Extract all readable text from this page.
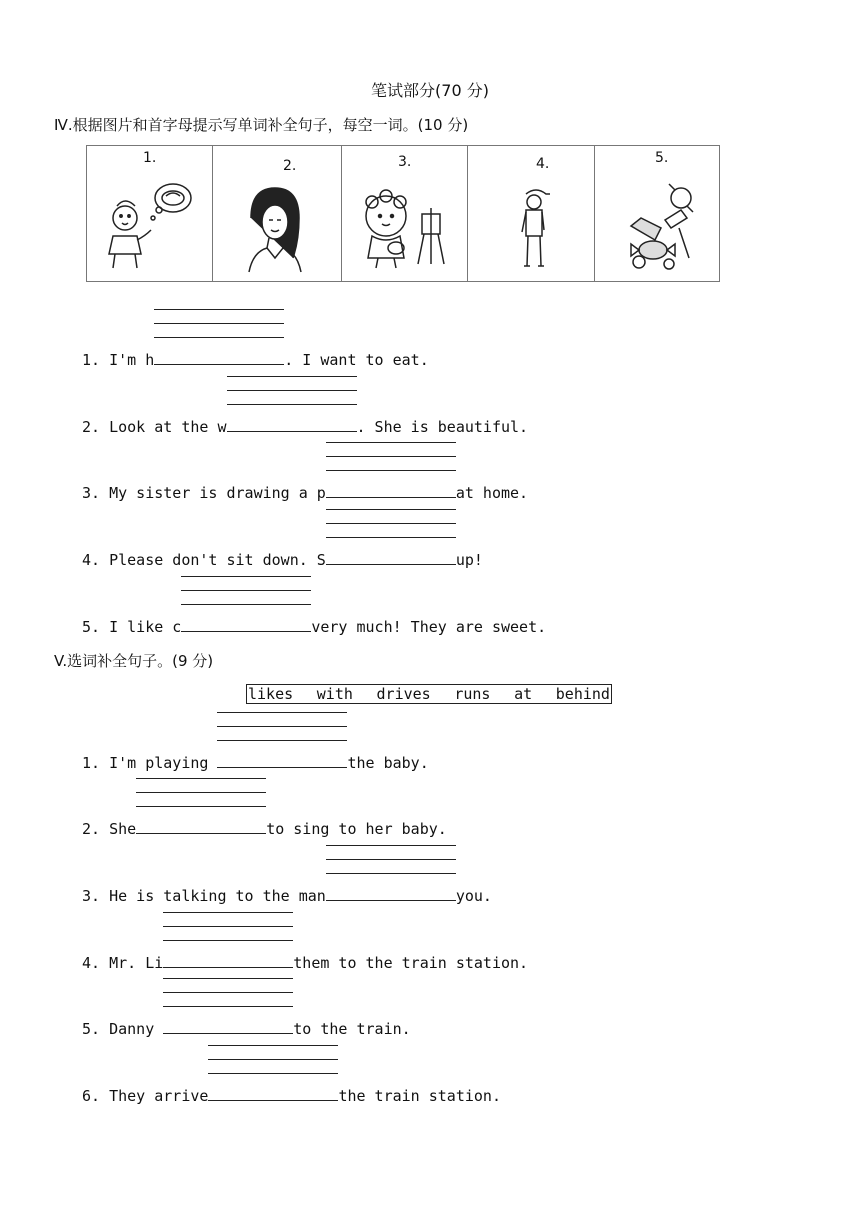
笔试部分(70 分)
Ⅳ.根据图片和首字母提示写单词补全句子，每空一词。(10 分)
1.	2.	3.	4.	5.
1. I'm h	. I want to eat.
2. Look at the w	. She is beautiful.
3. My sister is drawing a p	at home.
4. Please don't sit down. S	up!
5. I like c	very much! They are sweet.
V.选词补全句子。(9 分)
likes with drives runs at behind
1. I'm playing	the baby.
2. She	to sing to her baby.
3. He is talking to the man	you.
4. Mr. Li	them to the train station.
5. Danny	to the train.
6. They arrive	the train station.
